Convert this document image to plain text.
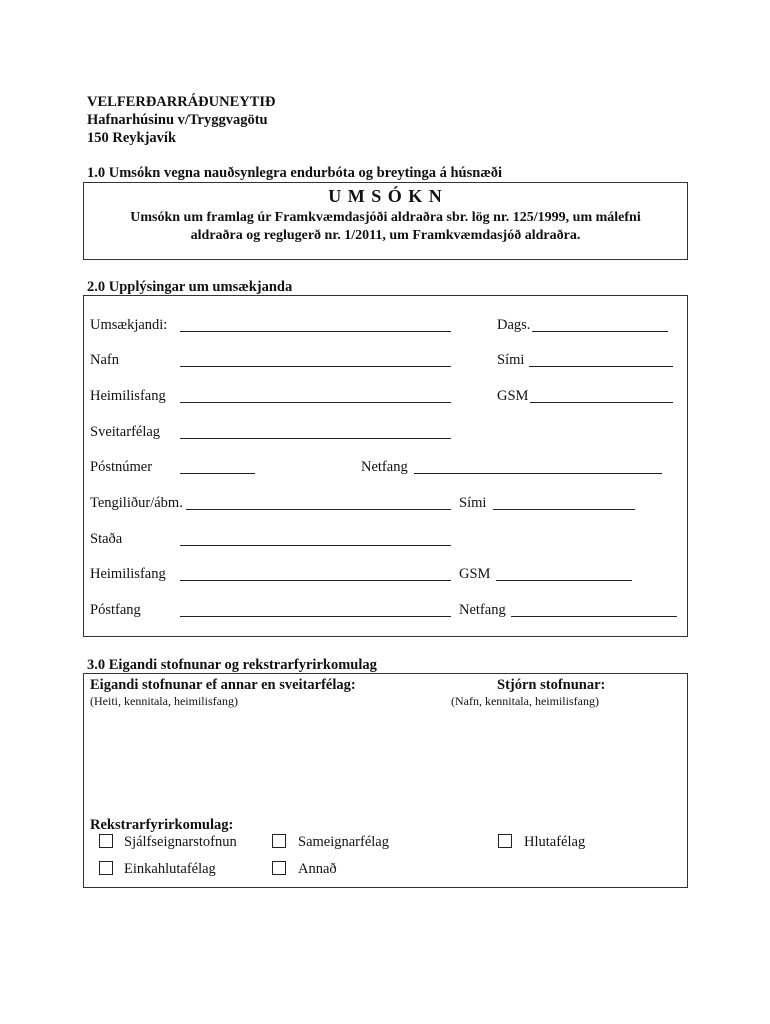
VELFERÐARRÁÐUNEYTIÐ
Hafnarhúsinu v/Tryggvagötu
150 Reykjavík
1.0 Umsókn vegna nauðsynlegra endurbóta og breytinga á húsnæði
U M S Ó K N
Umsókn um framlag úr Framkvæmdasjóði aldraðra sbr. lög nr. 125/1999, um málefni
aldraðra og reglugerð nr. 1/2011, um Framkvæmdasjóð aldraðra.
2.0 Upplýsingar um umsækjanda
Umsækjandi:	Dags.
Nafn	Sími
Heimilisfang	GSM
Sveitarfélag
Póstnúmer	Netfang
Tengiliður/ábm.	Sími
Staða
Heimilisfang	GSM
Póstfang	Netfang
3.0 Eigandi stofnunar og rekstrarfyrirkomulag
Eigandi stofnunar ef annar en sveitarfélag:
(Heiti, kennitala, heimilisfang)
Stjórn stofnunar:
(Nafn, kennitala, heimilisfang)
Rekstrarfyrirkomulag:
Sjálfseignarstofnun	Sameignarfélag	Hlutafélag
Einkahlutafélag	Annað
